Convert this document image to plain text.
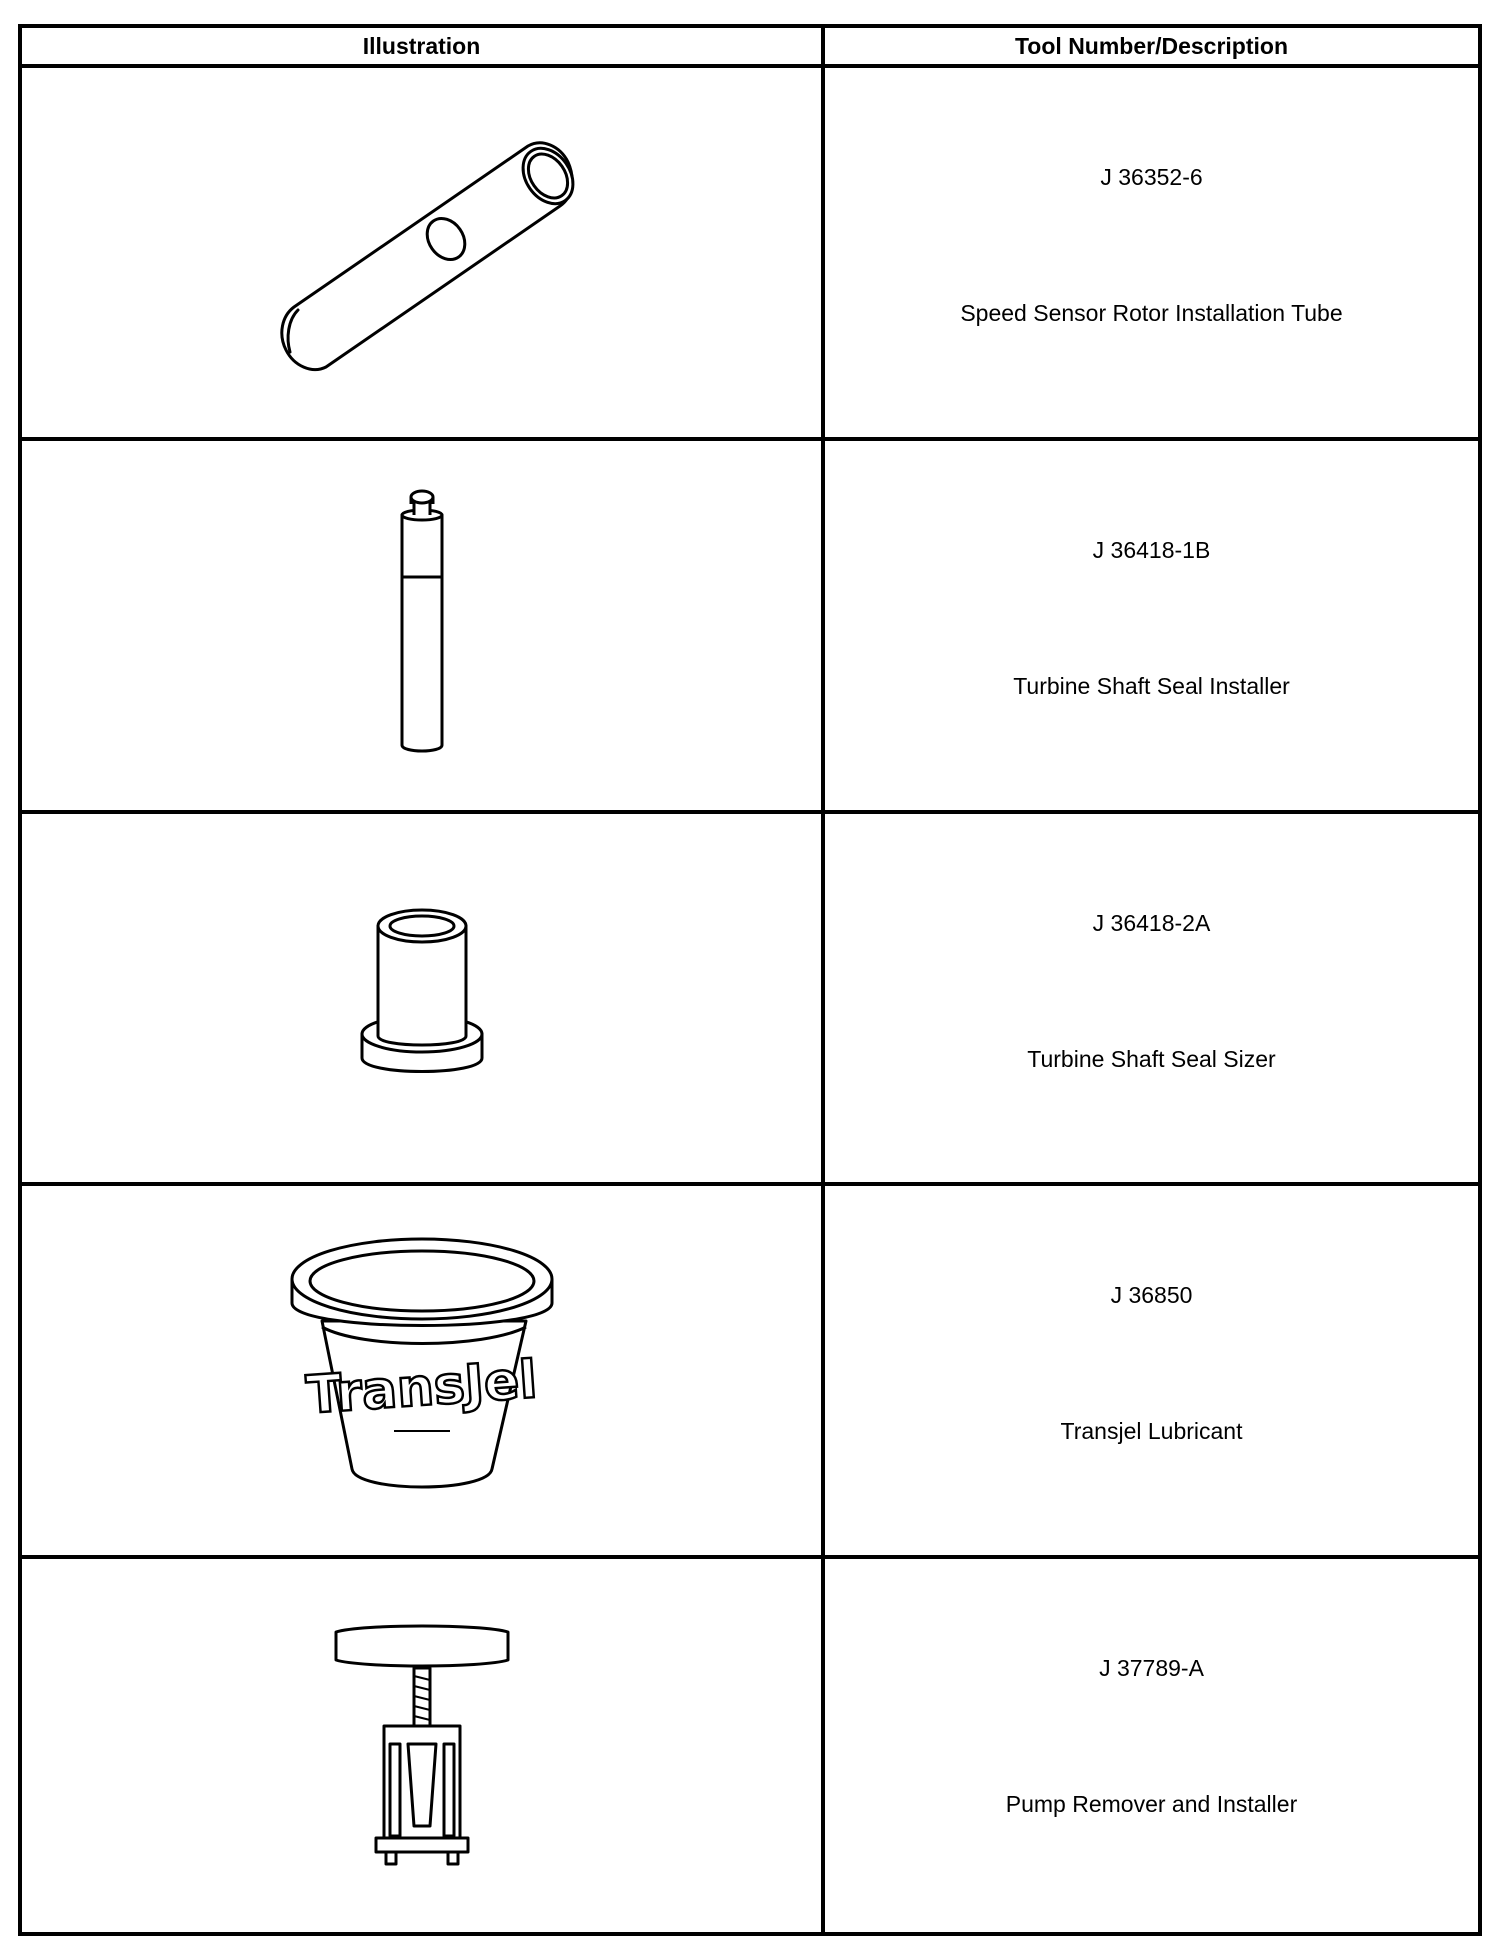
Illustration	Tool Number/Description
J 36352-6
Speed Sensor Rotor Installation Tube
J 36418-1B
Turbine Shaft Seal Installer
J 36418-2A
Turbine Shaft Seal Sizer
TransJel
J 36850
Transjel Lubricant
J 37789-A
Pump Remover and Installer
